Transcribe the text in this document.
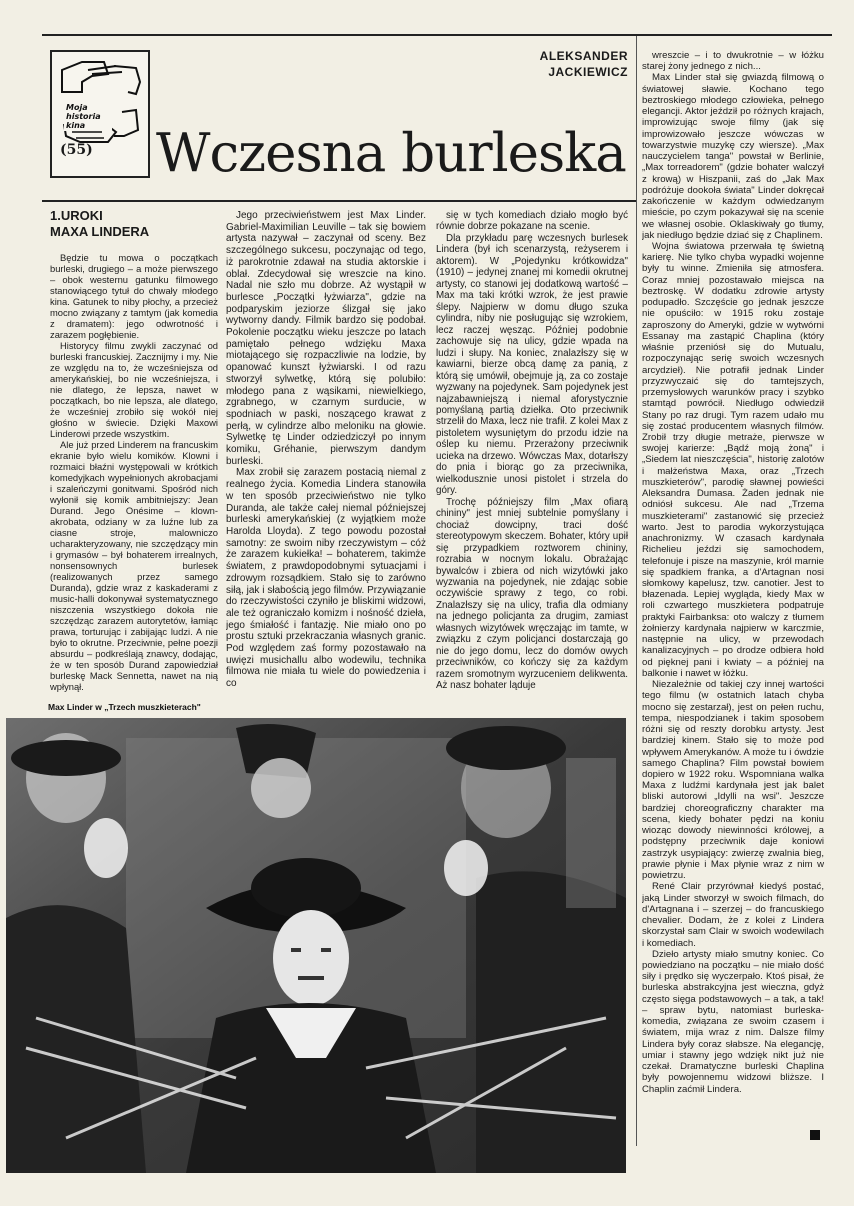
Moja historia kina
(55)
ALEKSANDER
JACKIEWICZ
Wczesna burleska
1.UROKI
MAXA LINDERA

Będzie tu mowa o początkach burleski, drugiego – a może pierwszego – obok westernu gatunku filmowego stanowiącego tytuł do chwały młodego kina. Gatunek to niby płochy, a przecież mocno związany z tamtym (jak komedia z dramatem): jego odwrotność i zarazem pogłębienie.

Historycy filmu zwykli zaczynać od burleski francuskiej. Zacznijmy i my. Nie ze względu na to, że wcześniejsza od amerykańskiej, bo nie wcześniejsza, i nie dlatego, że lepsza, nawet w początkach, bo nie lepsza, ale dlatego, że wcześniej zrobiło się wokół niej głośno w świecie. Dzięki Maxowi Linderowi przede wszystkim.

Ale już przed Linderem na francuskim ekranie było wielu komików. Klowni i rozmaici błaźni występowali w krótkich komedyjkach wypełnionych akrobacjami i szaleńczymi gonitwami. Spośród nich wyłonił się komik ambitniejszy: Jean Durand. Jego Onésime – klown-akrobata, odziany w za luźne lub za ciasne stroje, malowniczo ucharakteryzowany, nie szczędzący min i grymasów – był bohaterem irrealnych, nonsensownych burlesek (realizowanych przez samego Duranda), gdzie wraz z kaskaderami z music-halli dokonywał systematycznego niszczenia wszystkiego dokoła nie szczędząc zarazem autorytetów, łamiąc prawa, torturując i zabijając ludzi. A nie było to okrutne. Przeciwnie, pełne poezji absurdu – podkreślają znawcy, dodając, że w ten sposób Durand zapowiedział burleskę Mack Sennetta, nawet na nią wpłynął.

Jego przeciwieństwem jest Max Linder. Gabriel-Maximilian Leuville – tak się bowiem artysta nazywał – zaczynał od sceny. Bez szczególnego sukcesu, poczynając od tego, iż parokrotnie zdawał na studia aktorskie i oblał. Zdecydował się wreszcie na kino. Nadal nie szło mu dobrze. Aż wystąpił w burlesce „Początki łyżwiarza", gdzie na podparyskim jeziorze ślizgał się jako wytworny dandy. Filmik bardzo się podobał. Pokolenie początku wieku jeszcze po latach pamiętało pełnego wdzięku Maxa miotającego się rozpaczliwie na lodzie, by opanować kunszt łyżwiarski. I od razu stworzył sylwetkę, którą się polubiło: młodego pana z wąsikami, niewielkiego, zgrabnego, w czarnym surducie, w spodniach w paski, noszącego krawat z perłą, w cylindrze albo meloniku na głowie. Sylwetkę tę Linder odziedziczył po innym komiku, Gréhanie, pierwszym dandym burleski.

Max zrobił się zarazem postacią niemal z realnego życia. Komedia Lindera stanowiła w ten sposób przeciwieństwo nie tylko Duranda, ale także całej niemal późniejszej burleski amerykańskiej (z wyjątkiem może Harolda Lloyda). Z tego powodu pozostał samotny: ze swoim niby rzeczywistym – cóż że zarazem kukiełka! – bohaterem, takimże światem, z prawdopodobnymi sytuacjami i zdrowym rozsądkiem. Stało się to zarówno siłą, jak i słabością jego filmów. Przywiązanie do rzeczywistości czyniło je bliskimi widzowi, ale też ograniczało komizm i nośność dzieła, jego śmiałość i fantazję. Nie miało ono po prostu sztuki przekraczania własnych granic. Pod względem zaś formy pozostawało na uwięzi musichallu albo wodewilu, technika filmowa nie miała tu wiele do powiedzenia i co

się w tych komediach działo mogło być równie dobrze pokazane na scenie.

Dla przykładu parę wczesnych burlesek Lindera (był ich scenarzystą, reżyserem i aktorem). W „Pojedynku krótkowidza" (1910) – jedynej znanej mi komedii okrutnej artysty, co stanowi jej dodatkową wartość – Max ma taki krótki wzrok, że jest prawie ślepy. Najpierw w domu długo szuka cylindra, niby nie posługując się wzrokiem, lecz raczej węsząc. Później podobnie zachowuje się na ulicy, gdzie wpada na ludzi i słupy. Na koniec, znalazłszy się w kawiarni, bierze obcą damę za panią, z którą się umówił, obejmuje ją, za co zostaje wyzwany na pojedynek. Sam pojedynek jest najzabawniejszą i niemal aforystycznie pomyślaną partią dziełka. Oto przeciwnik strzelił do Maxa, lecz nie trafił. Z kolei Max z pistoletem wysuniętym do przodu idzie na oślep ku niemu. Przerażony przeciwnik ucieka na drzewo. Wówczas Max, dotarłszy do pnia i biorąc go za przeciwnika, wielkodusznie unosi pistolet i strzela do góry.

Trochę późniejszy film „Max ofiarą chininy" jest mniej subtelnie pomyślany i chociaż dowcipny, traci dość stereotypowym skeczem. Bohater, który upił się przypadkiem roztworem chininy, rozrabia w nocnym lokalu. Obrażając bywalców i zbiera od nich wizytówki jako wyzwania na pojedynek, nie zdając sobie oczywiście sprawy z tego, co robi. Znalazłszy się na ulicy, trafia dla odmiany na jednego policjanta za drugim, zamiast własnych wizytówek wręczając im tamte, w związku z czym policjanci dostarczają go nie do jego domu, lecz do domów owych przeciwników, co kończy się za każdym razem sromotnym wyrzuceniem delikwenta. Aż nasz bohater ląduje

wreszcie – i to dwukrotnie – w łóżku starej żony jednego z nich...

Max Linder stał się gwiazdą filmową o światowej sławie. Kochano tego beztroskiego młodego człowieka, pełnego elegancji. Aktor jeździł po różnych krajach, improwizując swoje filmy (jak się improwizowało jeszcze wówczas w towarzystwie muzykę czy wiersze). „Max nauczycielem tanga" powstał w Berlinie, „Max torreadorem" (gdzie bohater walczył z krową) w Hiszpanii, zaś do „Jak Max podróżuje dookoła świata" Linder dokręcał zakończenie w każdym odwiedzanym mieście, po czym pokazywał się na scenie we własnej osobie. Oklaskiwały go tłumy, jak niedługo będzie dziać się z Chaplinem.

Wojna światowa przerwała tę świetną karierę. Nie tylko chyba wypadki wojenne były tu winne. Zmieniła się atmosfera. Coraz mniej pozostawało miejsca na beztroskę. W dodatku zdrowie artysty podupadło. Szczęście go jednak jeszcze nie opuściło: w 1915 roku zostaje zaproszony do Ameryki, gdzie w wytwórni Essanay ma zastąpić Chaplina (który właśnie przeniósł się do Mutualu, rozpoczynając serię swoich wczesnych arcydzieł). Nie potrafił jednak Linder przyzwyczaić się do tamtejszych, przemysłowych warunków pracy i szybko stamtąd powrócił. Niedługo odwiedził Stany po raz drugi. Tym razem udało mu się zostać producentem własnych filmów. Zrobił trzy długie metraże, pierwsze w swojej karierze: „Bądź moją żoną" i „Siedem lat nieszczęścia", historię zalotów i małżeństwa Maxa, oraz „Trzech muszkieterów", parodię sławnej powieści Aleksandra Dumasa. Żaden jednak nie odniósł sukcesu. Ale nad „Trzema muszkieterami" zastanowić się przecież warto. Jest to parodia wykorzystująca anachronizmy. W czasach kardynała Richelieu jeździ się samochodem, telefonuje i pisze na maszynie, król marnie się spadkiem franka, a d'Artagnan nosi słomkowy kapelusz, tzw. canotier. Jest to błazenada. Lepiej wygląda, kiedy Max w roli czwartego muszkietera podpatruje praktyki Fairbanksa: oto walczy z tłumem żołnierzy kardynała najpierw w karczmie, następnie na ulicy, w przewodach kanalizacyjnych – po drodze odbiera hołd od pięknej pani i kwiaty – a później na balkonie i nawet w łóżku.

Niezależnie od takiej czy innej wartości tego filmu (w ostatnich latach chyba mocno się zestarzał), jest on pełen ruchu, tempa, niespodzianek i takim sposobem różni się od reszty dorobku artysty. Jest bardziej kinem. Stało się to może pod wpływem Amerykanów. A może tu i ówdzie samego Chaplina? Film powstał bowiem dopiero w 1922 roku. Wspomniana walka Maxa z ludźmi kardynała jest jak balet bliski autorowi „Idylli na wsi". Jeszcze bardziej choreograficzny charakter ma scena, kiedy bohater pędzi na koniu wioząc dowody niewinności królowej, a podstępny przeciwnik daje koniowi zastrzyk usypiający: zwierzę zwalnia bieg, prawie płynie i Max płynie wraz z nim w powietrzu.

René Clair przyrównał kiedyś postać, jaką Linder stworzył w swoich filmach, do d'Artagnana i – szerzej – do francuskiego chevalier. Dodam, że z kolei z Lindera skorzystał sam Clair w swoich wodewilach i komediach.

Dzieło artysty miało smutny koniec. Co powiedziano na początku – nie miało dość siły i prędko się wyczerpało. Ktoś pisał, że burleska abstrakcyjna jest wieczna, gdyż często sięga podstawowych – a tak, a tak! – spraw bytu, natomiast burleska-komedia, związana ze swoim czasem i światem, mija wraz z nim. Dalsze filmy Lindera były coraz słabsze. Na elegancję, umiar i stawny jego wdzięk nikt już nie czekał. Dramatyczne burleski Chaplina były powojennemu widzowi bliższe. I Chaplin zaćmił Lindera.

Max Linder w „Trzech muszkieterach"
